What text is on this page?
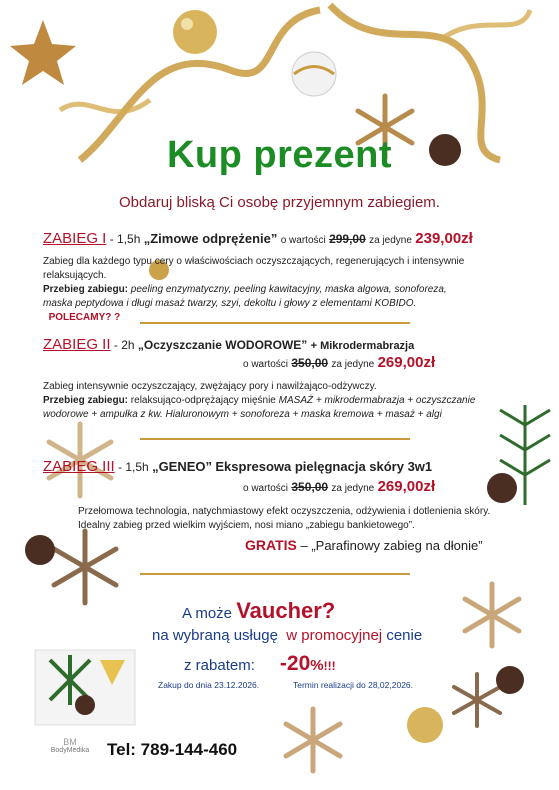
Kup prezent
Obdaruj bliską Ci osobę przyjemnym zabiegiem.
ZABIEG I - 1,5h „Zimowe odprężenie” o wartości 299,00 za jedyne 239,00zł
Zabieg dla każdego typu cery o właściwościach oczyszczających, regenerujących i intensywnie relaksujących.
Przebieg zabiegu: peeling enzymatyczny, peeling kawitacyjny, maska algowa, sonoforeza, maska peptydowa i długi masaż twarzy, szyi, dekoltu i głowy z elementami KOBIDO.   POLECAMY? ?
ZABIEG II - 2h „Oczyszczanie WODOROWE” + Mikrodermabrazja
o wartości 350,00 za jedyne 269,00zł
Zabieg intensywnie oczyszczający, zwężający pory i nawilżająco-odżywczy.
Przebieg zabiegu: relaksująco-odprężający mięśnie MASAŻ + mikrodermabrazja + oczyszczanie wodorowe + ampułka z kw. Hialuronowym + sonoforeza + maska kremowa + masaż + algi
ZABIEG III - 1,5h „GENEO” Ekspresowa pielęgnacja skóry 3w1
o wartości 350,00 za jedyne 269,00zł
Przełomowa technologia, natychmiastowy efekt oczyszczenia, odżywienia i dotlenienia skóry.
Idealny zabieg przed wielkim wyjściem, nosi miano „zabiegu bankietowego”.
GRATIS – „Parafinowy zabieg na dłonie”
A może Vaucher?
na wybraną usługę w promocyjnej cenie
z rabatem: -20%!!!
Zakup do dnia 23.12.2026.	Termin realizacji do 28,02,2026.
BM
BodyMedika	Tel: 789-144-460
